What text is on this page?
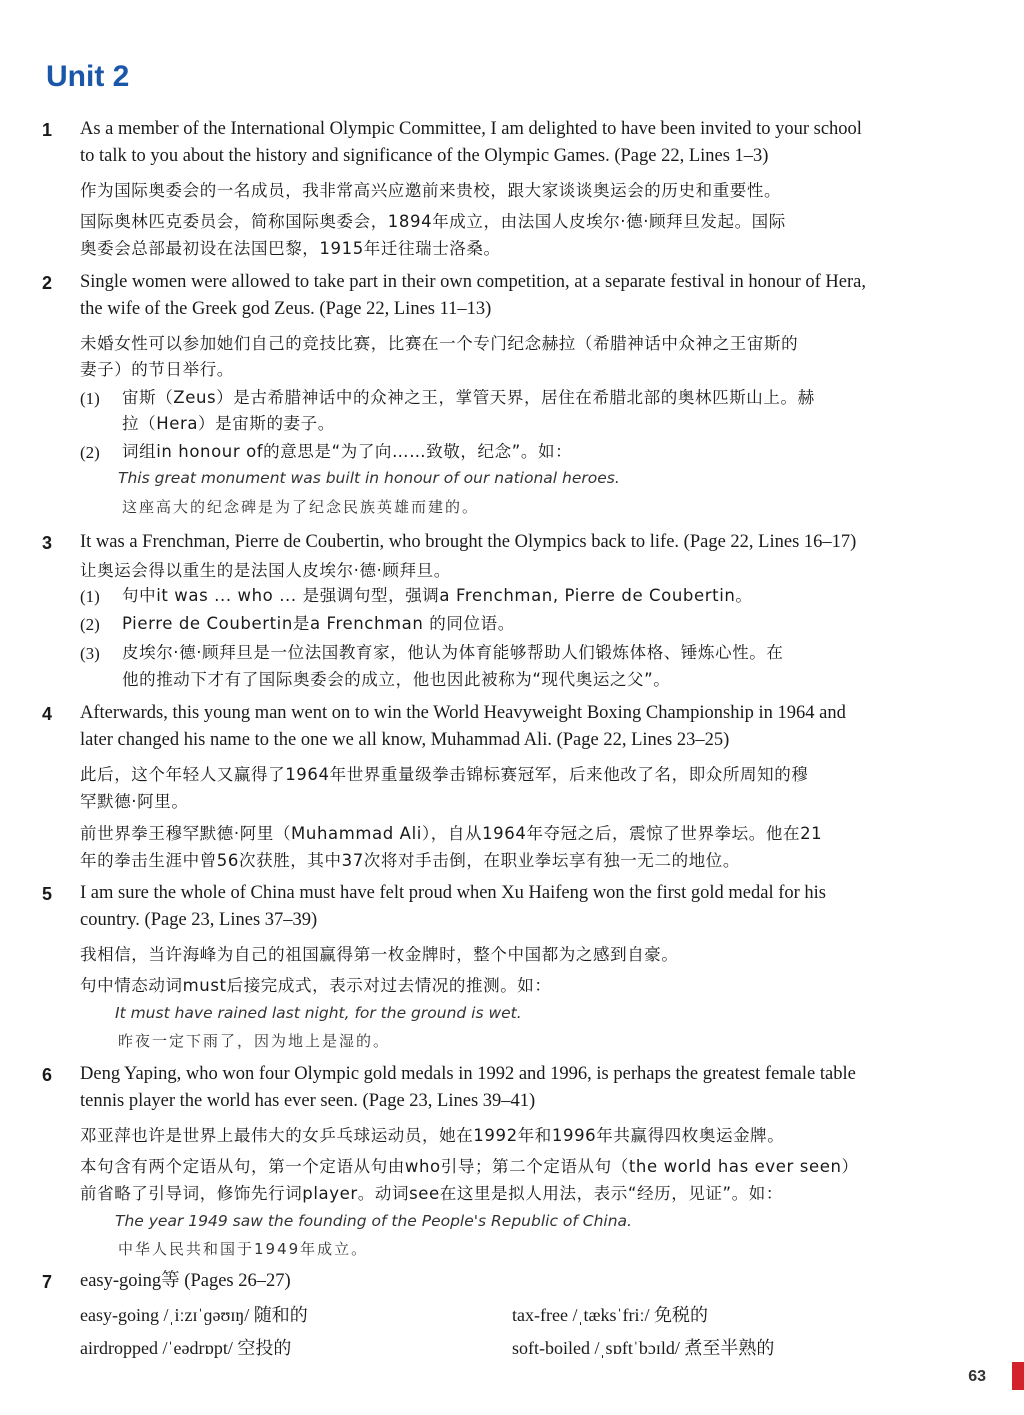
Unit 2
1 As a member of the International Olympic Committee, I am delighted to have been invited to your school
to talk to you about the history and significance of the Olympic Games. (Page 22, Lines 1–3)
作为国际奥委会的一名成员，我非常高兴应邀前来贵校，跟大家谈谈奥运会的历史和重要性。
国际奥林匹克委员会，简称国际奥委会，1894年成立，由法国人皮埃尔·德·顾拜旦发起。国际
奥委会总部最初设在法国巴黎，1915年迁往瑞士洛桑。
2 Single women were allowed to take part in their own competition, at a separate festival in honour of Hera,
the wife of the Greek god Zeus. (Page 22, Lines 11–13)
未婚女性可以参加她们自己的竞技比赛，比赛在一个专门纪念赫拉（希腊神话中众神之王宙斯的
妻子）的节日举行。
(1) 宙斯（Zeus）是古希腊神话中的众神之王，掌管天界，居住在希腊北部的奥林匹斯山上。赫
拉（Hera）是宙斯的妻子。
(2) 词组in honour of的意思是“为了向……致敬，纪念”。如：
This great monument was built in honour of our national heroes.
这座高大的纪念碑是为了纪念民族英雄而建的。
3 It was a Frenchman, Pierre de Coubertin, who brought the Olympics back to life. (Page 22, Lines 16–17)
让奥运会得以重生的是法国人皮埃尔·德·顾拜旦。
(1) 句中it was ... who ... 是强调句型，强调a Frenchman, Pierre de Coubertin。
(2) Pierre de Coubertin是a Frenchman 的同位语。
(3) 皮埃尔·德·顾拜旦是一位法国教育家，他认为体育能够帮助人们锻炼体格、锤炼心性。在
他的推动下才有了国际奥委会的成立，他也因此被称为“现代奥运之父”。
4 Afterwards, this young man went on to win the World Heavyweight Boxing Championship in 1964 and
later changed his name to the one we all know, Muhammad Ali. (Page 22, Lines 23–25)
此后，这个年轻人又赢得了1964年世界重量级拳击锦标赛冠军，后来他改了名，即众所周知的穆
罕默德·阿里。
前世界拳王穆罕默德·阿里（Muhammad Ali），自从1964年夺冠之后，震惊了世界拳坛。他在21
年的拳击生涯中曾56次获胜，其中37次将对手击倒，在职业拳坛享有独一无二的地位。
5 I am sure the whole of China must have felt proud when Xu Haifeng won the first gold medal for his
country. (Page 23, Lines 37–39)
我相信，当许海峰为自己的祖国赢得第一枚金牌时，整个中国都为之感到自豪。
句中情态动词must后接完成式，表示对过去情况的推测。如：
It must have rained last night, for the ground is wet.
昨夜一定下雨了，因为地上是湿的。
6 Deng Yaping, who won four Olympic gold medals in 1992 and 1996, is perhaps the greatest female table
tennis player the world has ever seen. (Page 23, Lines 39–41)
邓亚萍也许是世界上最伟大的女乒乓球运动员，她在1992年和1996年共赢得四枚奥运金牌。
本句含有两个定语从句，第一个定语从句由who引导；第二个定语从句（the world has ever seen）
前省略了引导词，修饰先行词player。动词see在这里是拟人用法，表示“经历，见证”。如：
The year 1949 saw the founding of the People's Republic of China.
中华人民共和国于1949年成立。
7 easy-going等 (Pages 26–27)
easy-going /ˌiːzɪˈɡəʊɪŋ/ 随和的	tax-free /ˌtæksˈfriː/ 免税的
airdropped /ˈeədrɒpt/ 空投的	soft-boiled /ˌsɒftˈbɔɪld/ 煮至半熟的
63
